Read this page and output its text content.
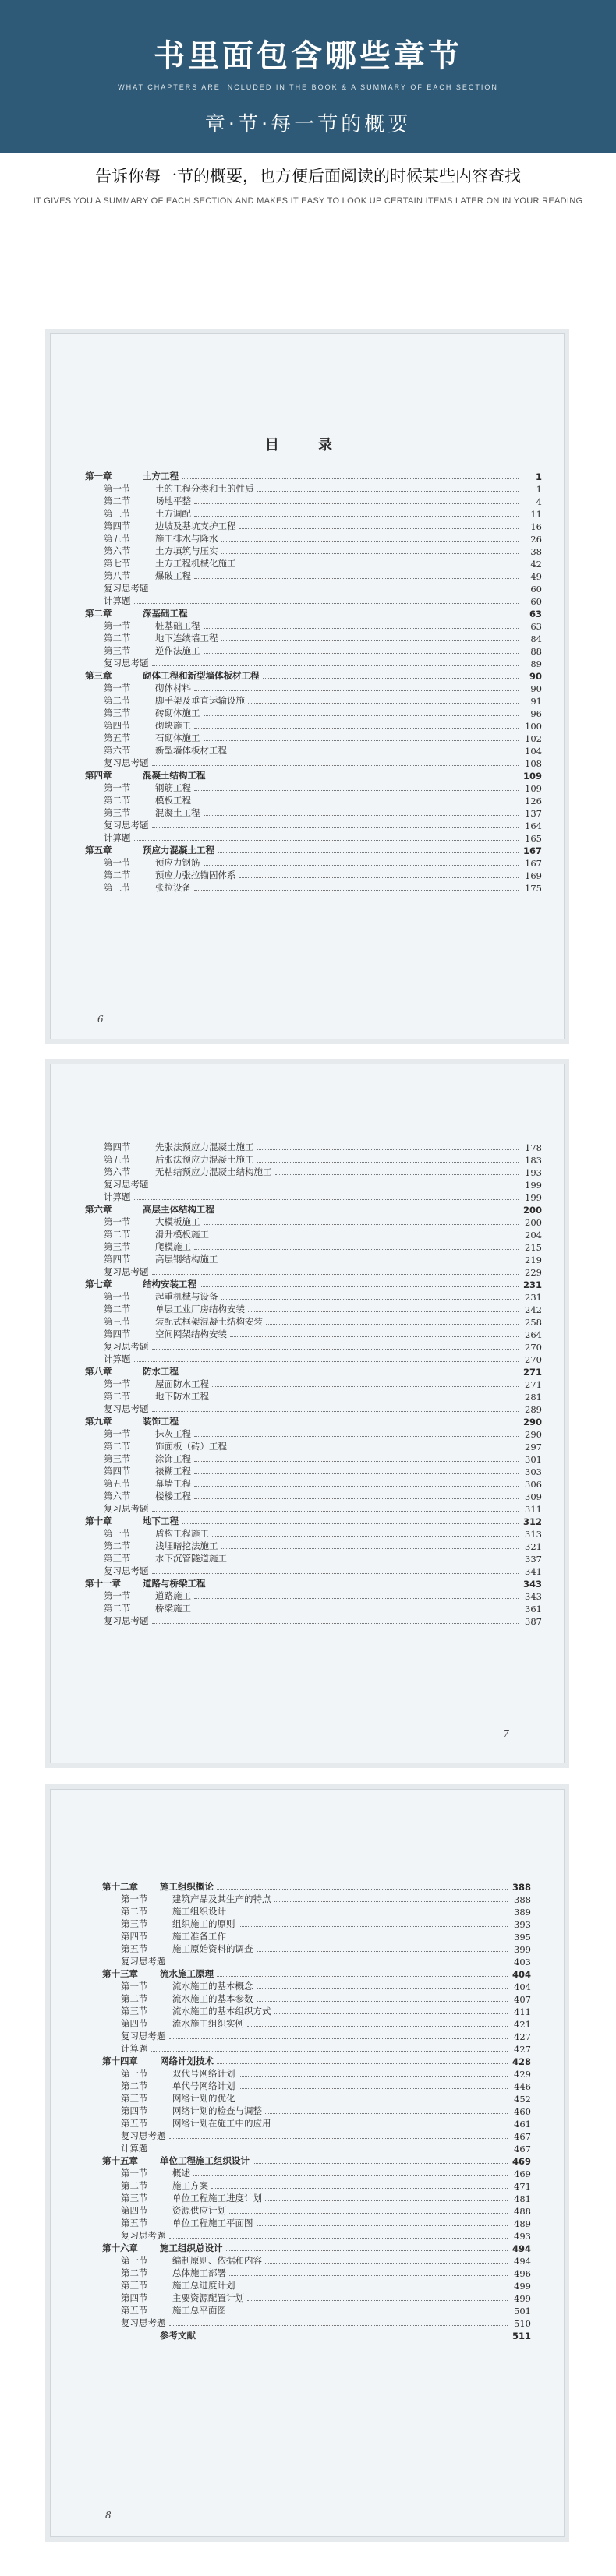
书里面包含哪些章节
WHAT CHAPTERS ARE INCLUDED IN THE BOOK & A SUMMARY OF EACH SECTION
章·节·每一节的概要
告诉你每一节的概要，也方便后面阅读的时候某些内容查找
IT GIVES YOU A SUMMARY OF EACH SECTION AND MAKES IT EASY TO LOOK UP CERTAIN ITEMS LATER ON IN YOUR READING
目 录
第一章	土方工程	1
第一节	土的工程分类和土的性质	1
第二节	场地平整	4
第三节	土方调配	11
第四节	边坡及基坑支护工程	16
第五节	施工排水与降水	26
第六节	土方填筑与压实	38
第七节	土方工程机械化施工	42
第八节	爆破工程	49
复习思考题	60
计算题	60
第二章	深基础工程	63
第一节	桩基础工程	63
第二节	地下连续墙工程	84
第三节	逆作法施工	88
复习思考题	89
第三章	砌体工程和新型墙体板材工程	90
第一节	砌体材料	90
第二节	脚手架及垂直运输设施	91
第三节	砖砌体施工	96
第四节	砌块施工	100
第五节	石砌体施工	102
第六节	新型墙体板材工程	104
复习思考题	108
第四章	混凝土结构工程	109
第一节	钢筋工程	109
第二节	模板工程	126
第三节	混凝土工程	137
复习思考题	164
计算题	165
第五章	预应力混凝土工程	167
第一节	预应力钢筋	167
第二节	预应力张拉锚固体系	169
第三节	张拉设备	175
6
第四节	先张法预应力混凝土施工	178
第五节	后张法预应力混凝土施工	183
第六节	无粘结预应力混凝土结构施工	193
复习思考题	199
计算题	199
第六章	高层主体结构工程	200
第一节	大模板施工	200
第二节	滑升模板施工	204
第三节	爬模施工	215
第四节	高层钢结构施工	219
复习思考题	229
第七章	结构安装工程	231
第一节	起重机械与设备	231
第二节	单层工业厂房结构安装	242
第三节	装配式框架混凝土结构安装	258
第四节	空间网架结构安装	264
复习思考题	270
计算题	270
第八章	防水工程	271
第一节	屋面防水工程	271
第二节	地下防水工程	281
复习思考题	289
第九章	装饰工程	290
第一节	抹灰工程	290
第二节	饰面板（砖）工程	297
第三节	涂饰工程	301
第四节	裱糊工程	303
第五节	幕墙工程	306
第六节	楼楼工程	309
复习思考题	311
第十章	地下工程	312
第一节	盾构工程施工	313
第二节	浅埋暗挖法施工	321
第三节	水下沉管隧道施工	337
复习思考题	341
第十一章	道路与桥梁工程	343
第一节	道路施工	343
第二节	桥梁施工	361
复习思考题	387
7
第十二章	施工组织概论	388
第一节	建筑产品及其生产的特点	388
第二节	施工组织设计	389
第三节	组织施工的原则	393
第四节	施工准备工作	395
第五节	施工原始资料的调查	399
复习思考题	403
第十三章	流水施工原理	404
第一节	流水施工的基本概念	404
第二节	流水施工的基本参数	407
第三节	流水施工的基本组织方式	411
第四节	流水施工组织实例	421
复习思考题	427
计算题	427
第十四章	网络计划技术	428
第一节	双代号网络计划	429
第二节	单代号网络计划	446
第三节	网络计划的优化	452
第四节	网络计划的检查与调整	460
第五节	网络计划在施工中的应用	461
复习思考题	467
计算题	467
第十五章	单位工程施工组织设计	469
第一节	概述	469
第二节	施工方案	471
第三节	单位工程施工进度计划	481
第四节	资源供应计划	488
第五节	单位工程施工平面图	489
复习思考题	493
第十六章	施工组织总设计	494
第一节	编制原则、依据和内容	494
第二节	总体施工部署	496
第三节	施工总进度计划	499
第四节	主要资源配置计划	499
第五节	施工总平面图	501
复习思考题	510
参考文献	511
8
